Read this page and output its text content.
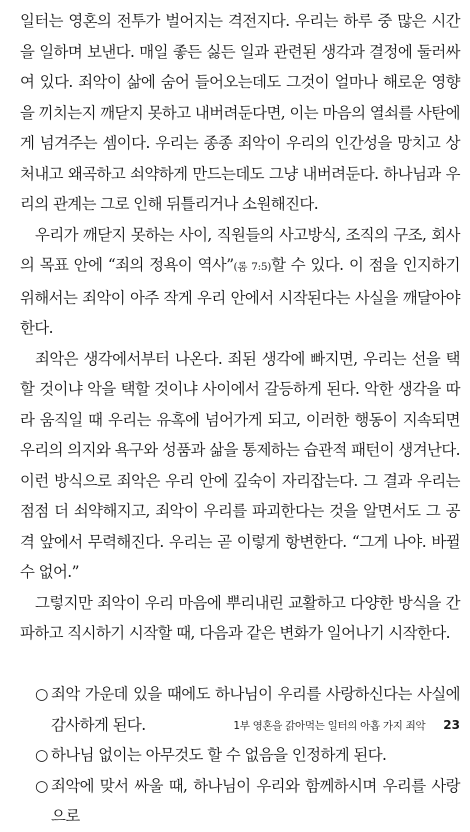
일터는 영혼의 전투가 벌어지는 격전지다. 우리는 하루 중 많은 시간을 일하며 보낸다. 매일 좋든 싫든 일과 관련된 생각과 결정에 둘러싸여 있다. 죄악이 삶에 숨어 들어오는데도 그것이 얼마나 해로운 영향을 끼치는지 깨닫지 못하고 내버려둔다면, 이는 마음의 열쇠를 사탄에게 넘겨주는 셈이다. 우리는 종종 죄악이 우리의 인간성을 망치고 상처내고 왜곡하고 쇠약하게 만드는데도 그냥 내버려둔다. 하나님과 우리의 관계는 그로 인해 뒤틀리거나 소원해진다.

우리가 깨닫지 못하는 사이, 직원들의 사고방식, 조직의 구조, 회사의 목표 안에 “죄의 정욕이 역사”(롬 7:5)할 수 있다. 이 점을 인지하기 위해서는 죄악이 아주 작게 우리 안에서 시작된다는 사실을 깨달아야 한다.

죄악은 생각에서부터 나온다. 죄된 생각에 빠지면, 우리는 선을 택할 것이냐 악을 택할 것이냐 사이에서 갈등하게 된다. 악한 생각을 따라 움직일 때 우리는 유혹에 넘어가게 되고, 이러한 행동이 지속되면 우리의 의지와 욕구와 성품과 삶을 통제하는 습관적 패턴이 생겨난다. 이런 방식으로 죄악은 우리 안에 깊숙이 자리잡는다. 그 결과 우리는 점점 더 쇠약해지고, 죄악이 우리를 파괴한다는 것을 알면서도 그 공격 앞에서 무력해진다. 우리는 곧 이렇게 항변한다. “그게 나야. 바뀔 수 없어.”

그렇지만 죄악이 우리 마음에 뿌리내린 교활하고 다양한 방식을 간파하고 직시하기 시작할 때, 다음과 같은 변화가 일어나기 시작한다.

○ 죄악 가운데 있을 때에도 하나님이 우리를 사랑하신다는 사실에 감사하게 된다.
○ 하나님 없이는 아무것도 할 수 없음을 인정하게 된다.
○ 죄악에 맞서 싸울 때, 하나님이 우리와 함께하시며 우리를 사랑으로
1부 영혼을 갉아먹는 일터의 아홉 가지 죄악 23
